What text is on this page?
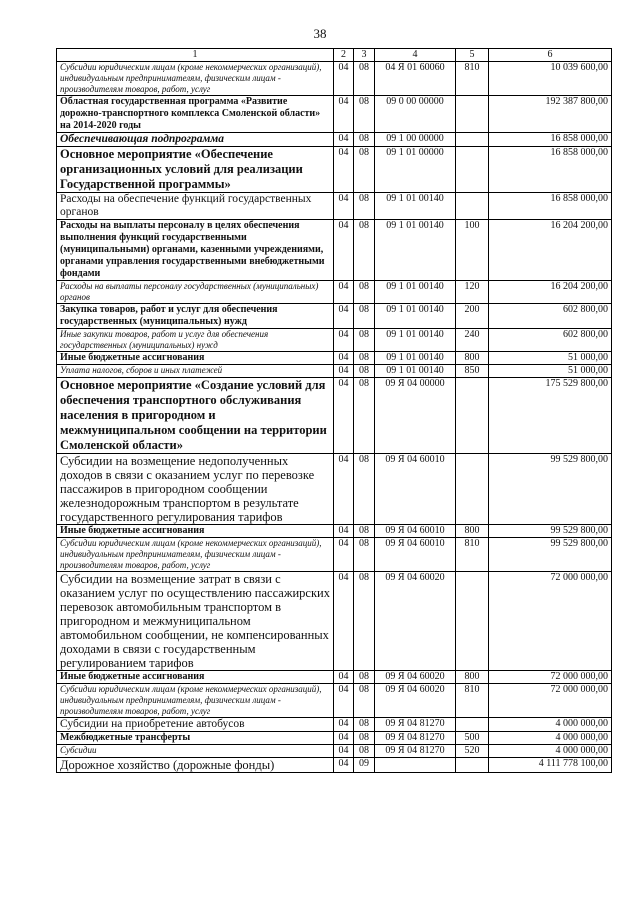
38
1	2	3	4	5	6
Субсидии юридическим лицам (кроме некоммерческих организаций), индивидуальным предпринимателям, физическим лицам - производителям товаров, работ, услуг	04	08	04 Я 01 60060	810	10 039 600,00
Областная государственная программа «Развитие дорожно-транспортного комплекса Смоленской области» на 2014-2020 годы	04	08	09 0 00 00000		192 387 800,00
Обеспечивающая подпрограмма	04	08	09 1 00 00000		16 858 000,00
Основное мероприятие «Обеспечение организационных условий для реализации Государственной программы»	04	08	09 1 01 00000		16 858 000,00
Расходы на обеспечение функций государственных органов	04	08	09 1 01 00140		16 858 000,00
Расходы на выплаты персоналу в целях обеспечения выполнения функций государственными (муниципальными) органами, казенными учреждениями, органами управления государственными внебюджетными фондами	04	08	09 1 01 00140	100	16 204 200,00
Расходы на выплаты персоналу государственных (муниципальных) органов	04	08	09 1 01 00140	120	16 204 200,00
Закупка товаров, работ и услуг для обеспечения государственных (муниципальных) нужд	04	08	09 1 01 00140	200	602 800,00
Иные закупки товаров, работ и услуг для обеспечения государственных (муниципальных) нужд	04	08	09 1 01 00140	240	602 800,00
Иные бюджетные ассигнования	04	08	09 1 01 00140	800	51 000,00
Уплата налогов, сборов и иных платежей	04	08	09 1 01 00140	850	51 000,00
Основное мероприятие «Создание условий для обеспечения транспортного обслуживания населения в пригородном и межмуниципальном сообщении на территории Смоленской области»	04	08	09 Я 04 00000		175 529 800,00
Субсидии на возмещение недополученных доходов в связи с оказанием услуг по перевозке пассажиров в пригородном сообщении железнодорожным транспортом в результате государственного регулирования тарифов	04	08	09 Я 04 60010		99 529 800,00
Иные бюджетные ассигнования	04	08	09 Я 04 60010	800	99 529 800,00
Субсидии юридическим лицам (кроме некоммерческих организаций), индивидуальным предпринимателям, физическим лицам - производителям товаров, работ, услуг	04	08	09 Я 04 60010	810	99 529 800,00
Субсидии на возмещение затрат в связи с оказанием услуг по осуществлению пассажирских перевозок автомобильным транспортом в пригородном и межмуниципальном автомобильном сообщении, не компенсированных доходами в связи с государственным регулированием тарифов	04	08	09 Я 04 60020		72 000 000,00
Иные бюджетные ассигнования	04	08	09 Я 04 60020	800	72 000 000,00
Субсидии юридическим лицам (кроме некоммерческих организаций), индивидуальным предпринимателям, физическим лицам - производителям товаров, работ, услуг	04	08	09 Я 04 60020	810	72 000 000,00
Субсидии на приобретение автобусов	04	08	09 Я 04 81270		4 000 000,00
Межбюджетные трансферты	04	08	09 Я 04 81270	500	4 000 000,00
Субсидии	04	08	09 Я 04 81270	520	4 000 000,00
Дорожное хозяйство (дорожные фонды)	04	09			4 111 778 100,00
